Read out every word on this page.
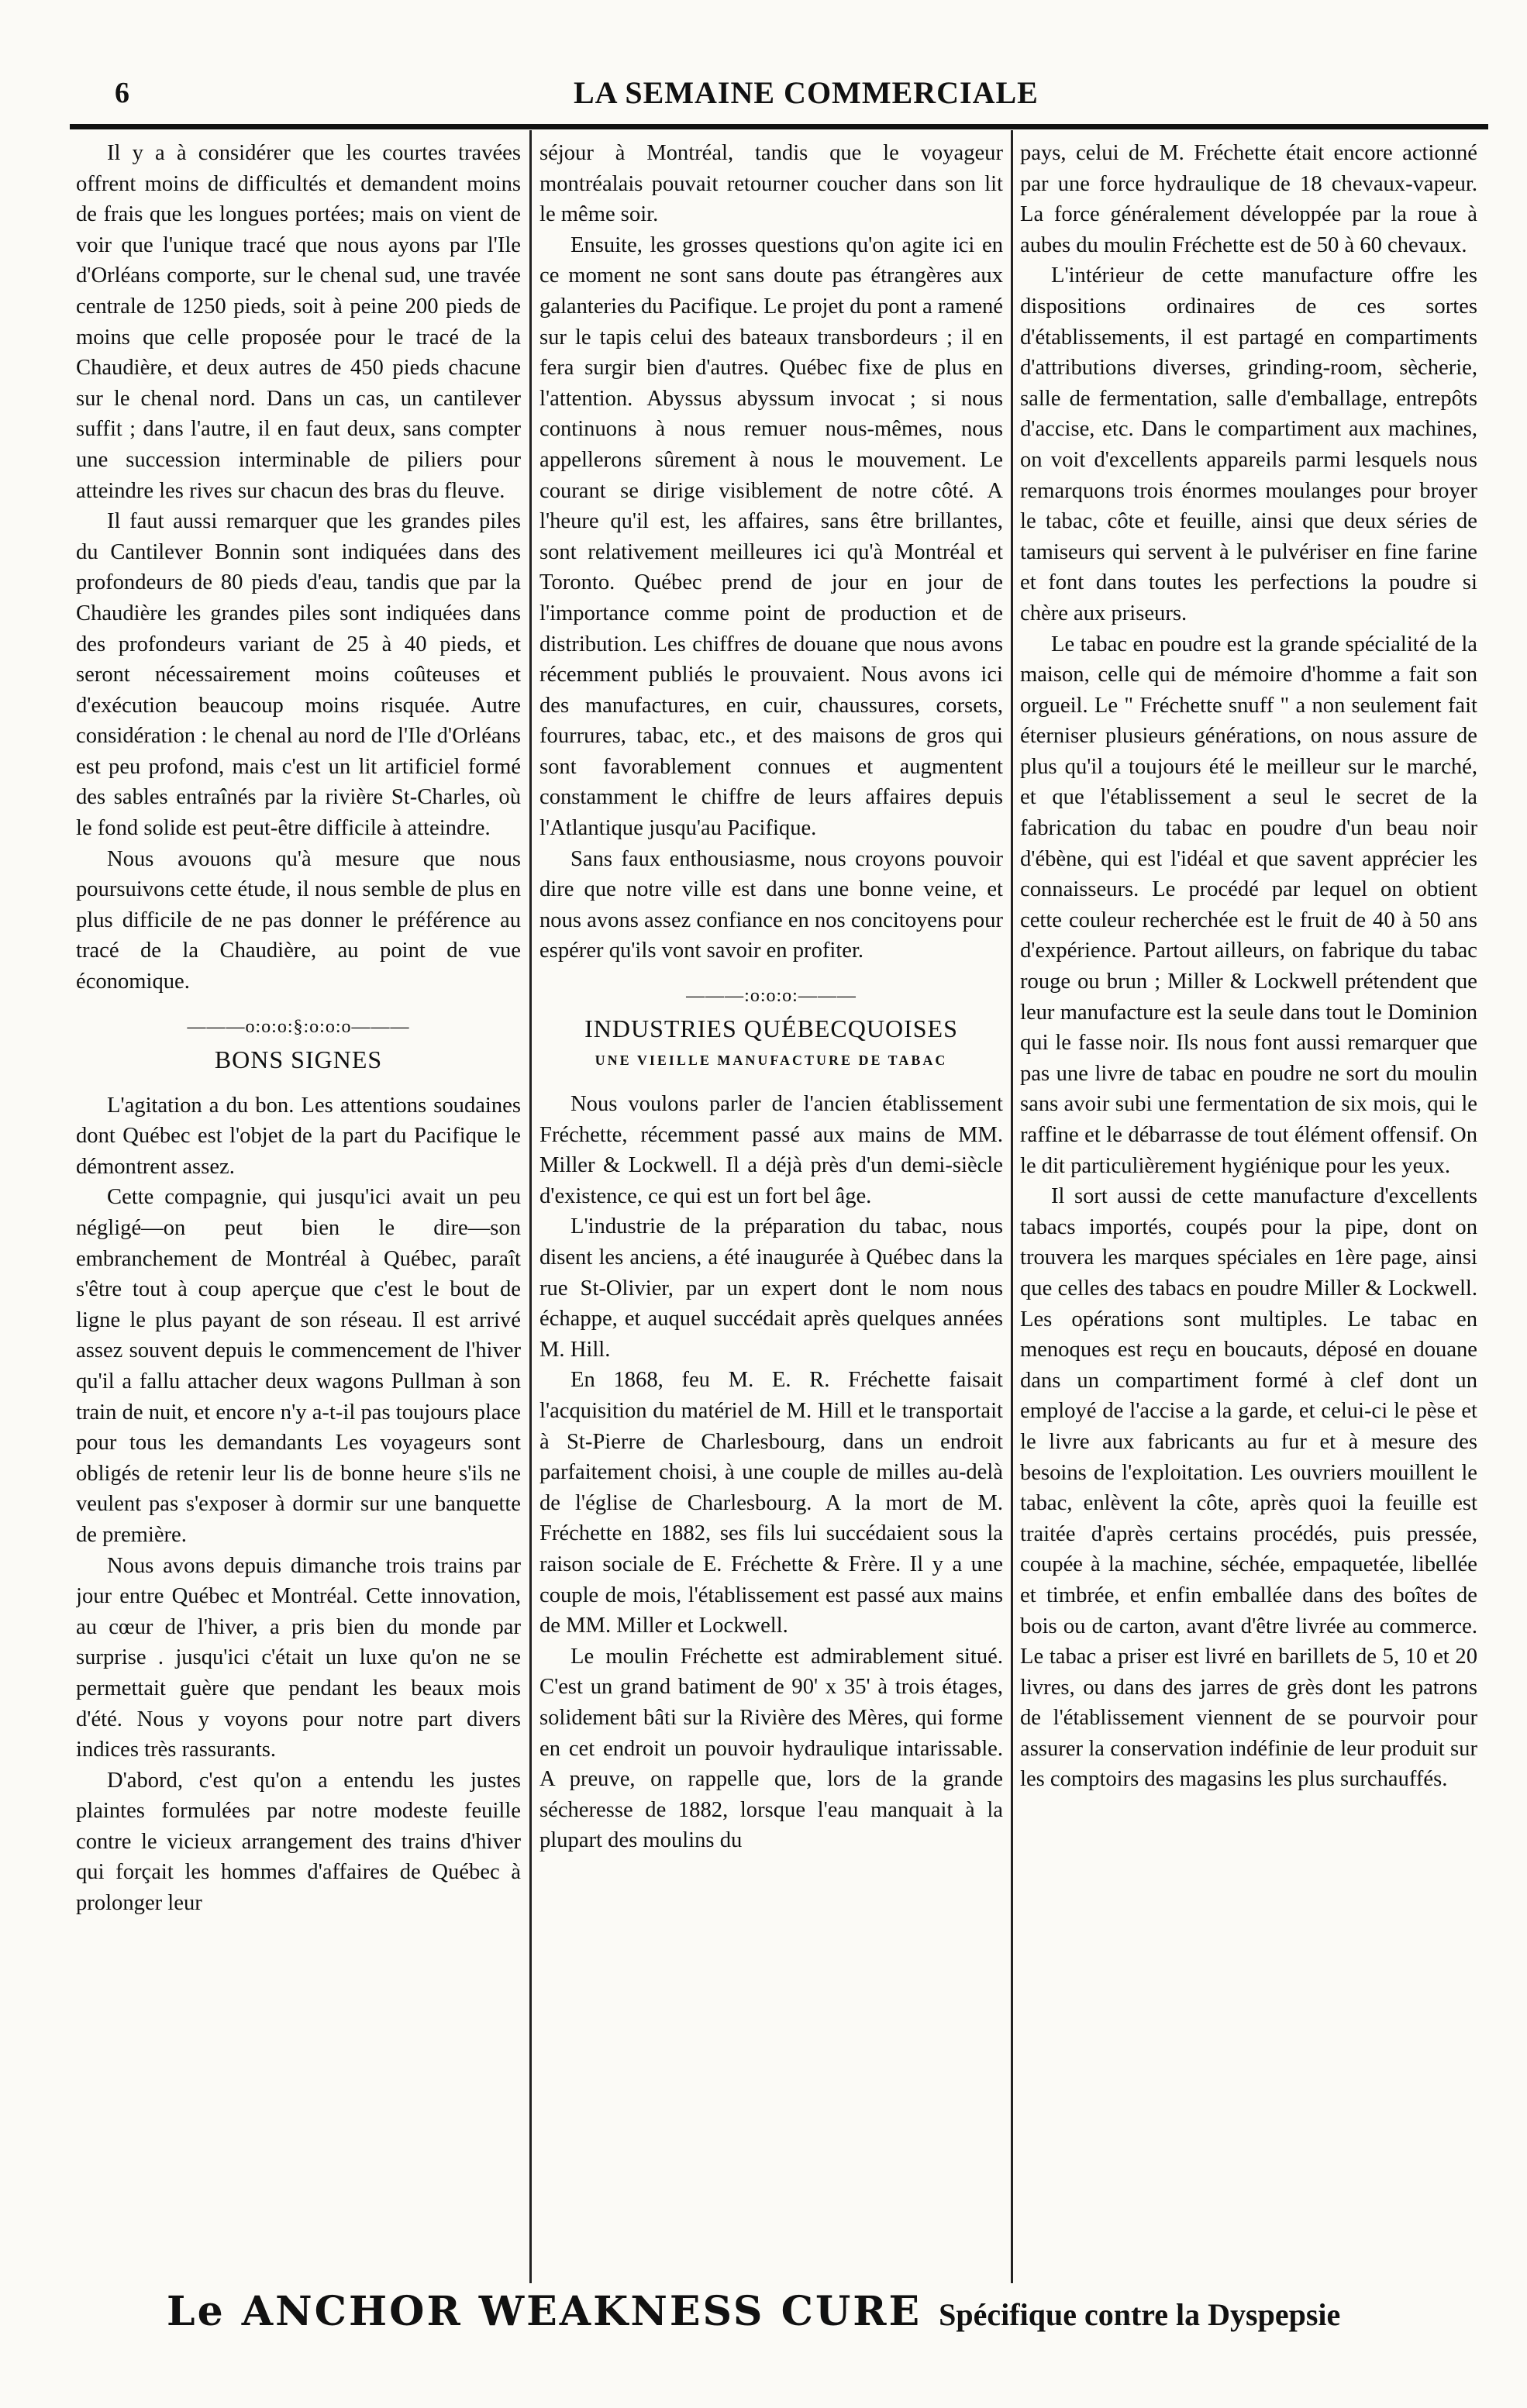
6	LA SEMAINE COMMERCIALE

Il y a à considérer que les courtes travées offrent moins de difficultés et demandent moins de frais que les longues portées; mais on vient de voir que l'unique tracé que nous ayons par l'Ile d'Orléans comporte, sur le chenal sud, une travée centrale de 1250 pieds, soit à peine 200 pieds de moins que celle proposée pour le tracé de la Chaudière, et deux autres de 450 pieds chacune sur le chenal nord. Dans un cas, un cantilever suffit ; dans l'autre, il en faut deux, sans compter une succession interminable de piliers pour atteindre les rives sur chacun des bras du fleuve.

Il faut aussi remarquer que les grandes piles du Cantilever Bonnin sont indiquées dans des profondeurs de 80 pieds d'eau, tandis que par la Chaudière les grandes piles sont indiquées dans des profondeurs variant de 25 à 40 pieds, et seront nécessairement moins coûteuses et d'exécution beaucoup moins risquée. Autre considération : le chenal au nord de l'Ile d'Orléans est peu profond, mais c'est un lit artificiel formé des sables entraînés par la rivière St-Charles, où le fond solide est peut-être difficile à atteindre.

Nous avouons qu'à mesure que nous poursuivons cette étude, il nous semble de plus en plus difficile de ne pas donner le préférence au tracé de la Chaudière, au point de vue économique.

———o:o:o:§:o:o:o———
BONS SIGNES

L'agitation a du bon. Les attentions soudaines dont Québec est l'objet de la part du Pacifique le démontrent assez.

Cette compagnie, qui jusqu'ici avait un peu négligé—on peut bien le dire—son embranchement de Montréal à Québec, paraît s'être tout à coup aperçue que c'est le bout de ligne le plus payant de son réseau. Il est arrivé assez souvent depuis le commencement de l'hiver qu'il a fallu attacher deux wagons Pullman à son train de nuit, et encore n'y a-t-il pas toujours place pour tous les demandants Les voyageurs sont obligés de retenir leur lis de bonne heure s'ils ne veulent pas s'exposer à dormir sur une banquette de première.

Nous avons depuis dimanche trois trains par jour entre Québec et Montréal. Cette innovation, au cœur de l'hiver, a pris bien du monde par surprise . jusqu'ici c'était un luxe qu'on ne se permettait guère que pendant les beaux mois d'été. Nous y voyons pour notre part divers indices très rassurants.

D'abord, c'est qu'on a entendu les justes plaintes formulées par notre modeste feuille contre le vicieux arrangement des trains d'hiver qui forçait les hommes d'affaires de Québec à prolonger leur

séjour à Montréal, tandis que le voyageur montréalais pouvait retourner coucher dans son lit le même soir.

Ensuite, les grosses questions qu'on agite ici en ce moment ne sont sans doute pas étrangères aux galanteries du Pacifique. Le projet du pont a ramené sur le tapis celui des bateaux transbordeurs ; il en fera surgir bien d'autres. Québec fixe de plus en l'attention. Abyssus abyssum invocat ; si nous continuons à nous remuer nous-mêmes, nous appellerons sûrement à nous le mouvement. Le courant se dirige visiblement de notre côté. A l'heure qu'il est, les affaires, sans être brillantes, sont relativement meilleures ici qu'à Montréal et Toronto. Québec prend de jour en jour de l'importance comme point de production et de distribution. Les chiffres de douane que nous avons récemment publiés le prouvaient. Nous avons ici des manufactures, en cuir, chaussures, corsets, fourrures, tabac, etc., et des maisons de gros qui sont favorablement connues et augmentent constamment le chiffre de leurs affaires depuis l'Atlantique jusqu'au Pacifique.

Sans faux enthousiasme, nous croyons pouvoir dire que notre ville est dans une bonne veine, et nous avons assez confiance en nos concitoyens pour espérer qu'ils vont savoir en profiter.

———:o:o:o:———
INDUSTRIES QUÉBECQUOISES
UNE VIEILLE MANUFACTURE DE TABAC

Nous voulons parler de l'ancien établissement Fréchette, récemment passé aux mains de MM. Miller & Lockwell. Il a déjà près d'un demi-siècle d'existence, ce qui est un fort bel âge.

L'industrie de la préparation du tabac, nous disent les anciens, a été inaugurée à Québec dans la rue St-Olivier, par un expert dont le nom nous échappe, et auquel succédait après quelques années M. Hill.

En 1868, feu M. E. R. Fréchette faisait l'acquisition du matériel de M. Hill et le transportait à St-Pierre de Charlesbourg, dans un endroit parfaitement choisi, à une couple de milles au-delà de l'église de Charlesbourg. A la mort de M. Fréchette en 1882, ses fils lui succédaient sous la raison sociale de E. Fréchette & Frère. Il y a une couple de mois, l'établissement est passé aux mains de MM. Miller et Lockwell.

Le moulin Fréchette est admirablement situé. C'est un grand batiment de 90' x 35' à trois étages, solidement bâti sur la Rivière des Mères, qui forme en cet endroit un pouvoir hydraulique intarissable. A preuve, on rappelle que, lors de la grande sécheresse de 1882, lorsque l'eau manquait à la plupart des moulins du

pays, celui de M. Fréchette était encore actionné par une force hydraulique de 18 chevaux-vapeur. La force généralement développée par la roue à aubes du moulin Fréchette est de 50 à 60 chevaux.

L'intérieur de cette manufacture offre les dispositions ordinaires de ces sortes d'établissements, il est partagé en compartiments d'attributions diverses, grinding-room, sècherie, salle de fermentation, salle d'emballage, entrepôts d'accise, etc. Dans le compartiment aux machines, on voit d'excellents appareils parmi lesquels nous remarquons trois énormes moulanges pour broyer le tabac, côte et feuille, ainsi que deux séries de tamiseurs qui servent à le pulvériser en fine farine et font dans toutes les perfections la poudre si chère aux priseurs.

Le tabac en poudre est la grande spécialité de la maison, celle qui de mémoire d'homme a fait son orgueil. Le " Fréchette snuff " a non seulement fait éterniser plusieurs générations, on nous assure de plus qu'il a toujours été le meilleur sur le marché, et que l'établissement a seul le secret de la fabrication du tabac en poudre d'un beau noir d'ébène, qui est l'idéal et que savent apprécier les connaisseurs. Le procédé par lequel on obtient cette couleur recherchée est le fruit de 40 à 50 ans d'expérience. Partout ailleurs, on fabrique du tabac rouge ou brun ; Miller & Lockwell prétendent que leur manufacture est la seule dans tout le Dominion qui le fasse noir. Ils nous font aussi remarquer que pas une livre de tabac en poudre ne sort du moulin sans avoir subi une fermentation de six mois, qui le raffine et le débarrasse de tout élément offensif. On le dit particulièrement hygiénique pour les yeux.

Il sort aussi de cette manufacture d'excellents tabacs importés, coupés pour la pipe, dont on trouvera les marques spéciales en 1ère page, ainsi que celles des tabacs en poudre Miller & Lockwell. Les opérations sont multiples. Le tabac en menoques est reçu en boucauts, déposé en douane dans un compartiment formé à clef dont un employé de l'accise a la garde, et celui-ci le pèse et le livre aux fabricants au fur et à mesure des besoins de l'exploitation. Les ouvriers mouillent le tabac, enlèvent la côte, après quoi la feuille est traitée d'après certains procédés, puis pressée, coupée à la machine, séchée, empaquetée, libellée et timbrée, et enfin emballée dans des boîtes de bois ou de carton, avant d'être livrée au commerce. Le tabac a priser est livré en barillets de 5, 10 et 20 livres, ou dans des jarres de grès dont les patrons de l'établissement viennent de se pourvoir pour assurer la conservation indéfinie de leur produit sur les comptoirs des magasins les plus surchauffés.

Le ANCHOR WEAKNESS CURE Spécifique contre la Dyspepsie
